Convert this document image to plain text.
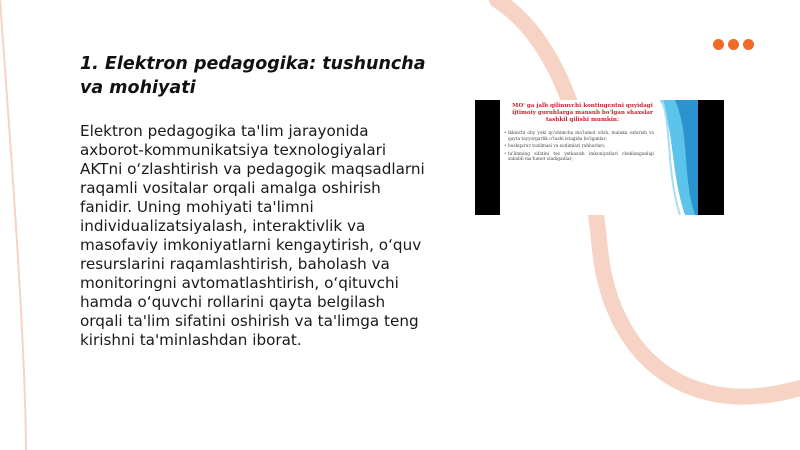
1. Elektron pedagogika: tushuncha va mohiyati

Elektron pedagogika ta'lim jarayonida axborot-kommunikatsiya texnologiyalari AKTni o‘zlashtirish va pedagogik maqsadlarni raqamli vositalar orqali amalga oshirish fanidir. Uning mohiyati ta'limni individualizatsiyalash, interaktivlik va masofaviy imkoniyatlarni kengaytirish, o‘quv resurslarini raqamlashtirish, baholash va monitoringni avtomatlashtirish, o‘qituvchi hamda o‘quvchi rollarini qayta belgilash orqali ta'lim sifatini oshirish va ta'limga teng kirishni ta'minlashdan iborat.

MO' ga jalb qilinuvchi kontingentni quyidagi ijtimoiy guruhlarga mansub bo'lgan shaxslar tashkil qilishi mumkin:
• ikkinchi oliy yoki qo'shimcha ma'lumot olish, malaka oshirish va qayta tayyorgarlik o'tashi istagida bo'lganlar;
• boshqaruv tuzilmasi va xodimlari rahbarlari;
• ta'limning sifatini tez yetkazish imkoniyatlari cheklanganligi sababli ma'lumot oladiganlar;
